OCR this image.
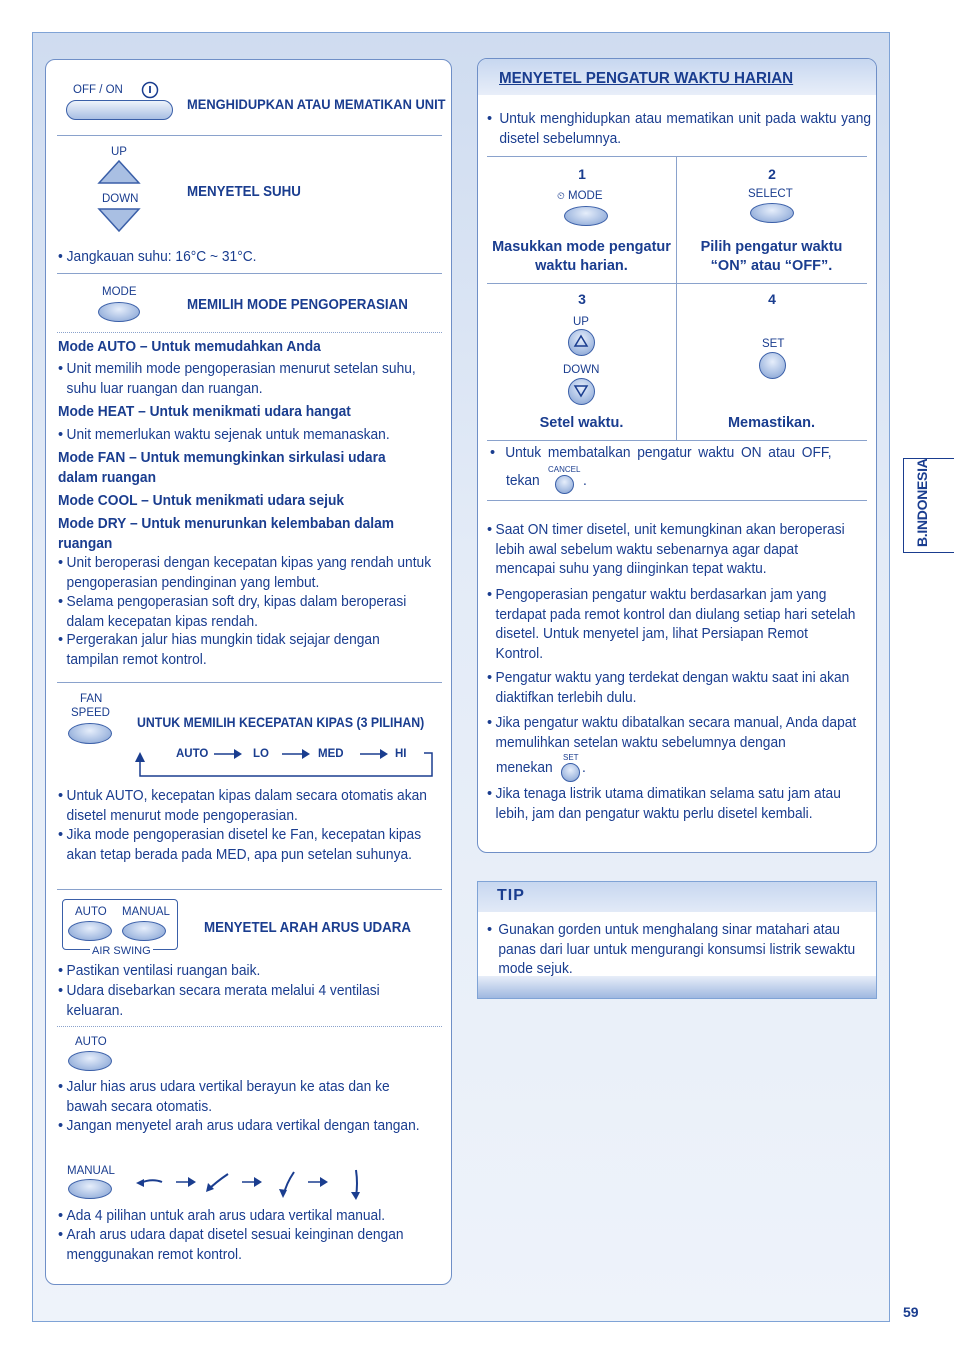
OFF / ON
MENGHIDUPKAN ATAU MEMATIKAN UNIT
UP
DOWN	MENYETEL SUHU
• Jangkauan suhu: 16°C ~ 31°C.
MODE
MEMILIH MODE PENGOPERASIAN
Mode AUTO – Untuk memudahkan Anda
• Unit memilih mode pengoperasian menurut setelan suhu, suhu luar ruangan dan ruangan.
Mode HEAT – Untuk menikmati udara hangat
• Unit memerlukan waktu sejenak untuk memanaskan.
Mode FAN – Untuk memungkinkan sirkulasi udara dalam ruangan
Mode COOL – Untuk menikmati udara sejuk
Mode DRY – Untuk menurunkan kelembaban dalam ruangan
• Unit beroperasi dengan kecepatan kipas yang rendah untuk pengoperasian pendinginan yang lembut.
• Selama pengoperasian soft dry, kipas dalam beroperasi dalam kecepatan kipas rendah.
• Pergerakan jalur hias mungkin tidak sejajar dengan tampilan remot kontrol.
FAN
SPEED
UNTUK MEMILIH KECEPATAN KIPAS (3 PILIHAN)
AUTO	LO	MED	HI
• Untuk AUTO, kecepatan kipas dalam secara otomatis akan disetel menurut mode pengoperasian.
• Jika mode pengoperasian disetel ke Fan, kecepatan kipas akan tetap berada pada MED, apa pun setelan suhunya.
AUTO MANUAL
AIR SWING
MENYETEL ARAH ARUS UDARA
• Pastikan ventilasi ruangan baik.
• Udara disebarkan secara merata melalui 4 ventilasi keluaran.
AUTO
• Jalur hias arus udara vertikal berayun ke atas dan ke bawah secara otomatis.
• Jangan menyetel arah arus udara vertikal dengan tangan.
MANUAL
• Ada 4 pilihan untuk arah arus udara vertikal manual.
• Arah arus udara dapat disetel sesuai keinginan dengan menggunakan remot kontrol.
MENYETEL PENGATUR WAKTU HARIAN
• Untuk menghidupkan atau mematikan unit pada waktu yang disetel sebelumnya.
1
⏲ MODE
Masukkan mode pengatur
waktu harian.
2
SELECT
Pilih pengatur waktu
“ON” atau “OFF”.
3
UP
DOWN
Setel waktu.
4
SET
Memastikan.
• Untuk membatalkan pengatur waktu ON atau OFF,
tekan
CANCEL
.
• Saat ON timer disetel, unit kemungkinan akan beroperasi lebih awal sebelum waktu sebenarnya agar dapat mencapai suhu yang diinginkan tepat waktu.
• Pengoperasian pengatur waktu berdasarkan jam yang terdapat pada remot kontrol dan diulang setiap hari setelah disetel. Untuk menyetel jam, lihat Persiapan Remot Kontrol.
• Pengatur waktu yang terdekat dengan waktu saat ini akan diaktifkan terlebih dulu.
• Jika pengatur waktu dibatalkan secara manual, Anda dapat memulihkan setelan waktu sebelumnya dengan
menekan
SET
.
• Jika tenaga listrik utama dimatikan selama satu jam atau lebih, jam dan pengatur waktu perlu disetel kembali.
TIP
• Gunakan gorden untuk menghalang sinar matahari atau panas dari luar untuk mengurangi konsumsi listrik sewaktu mode sejuk.
B.INDONESIA
59
